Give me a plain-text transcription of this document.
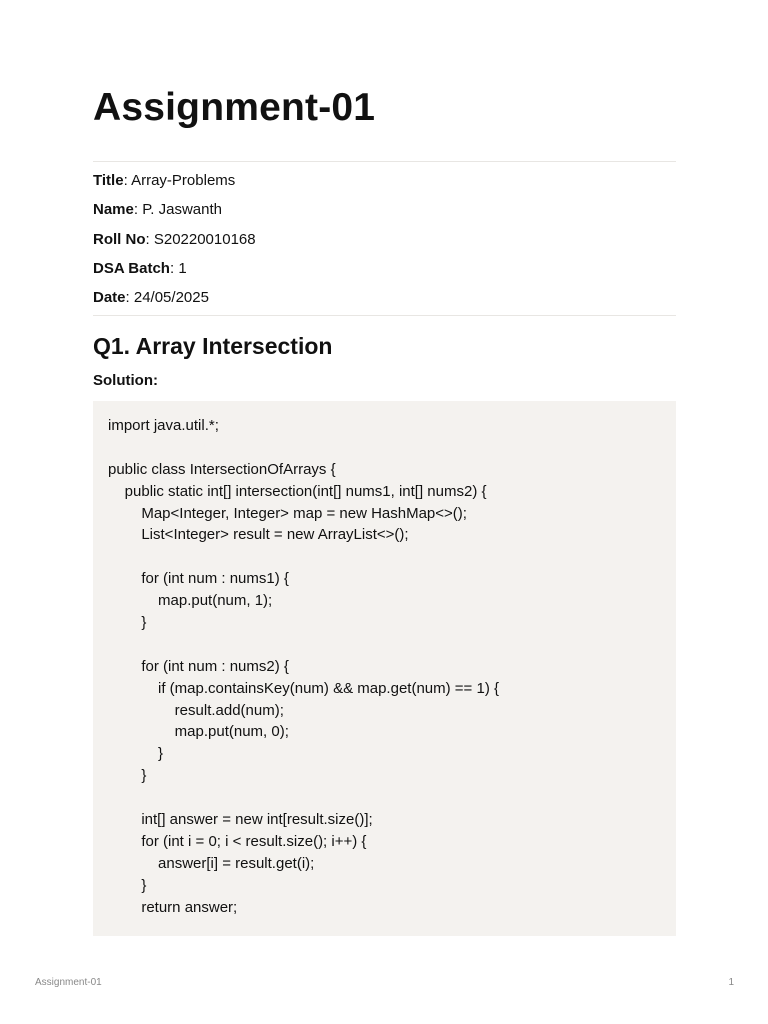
Assignment-01
Title: Array-Problems
Name: P. Jaswanth
Roll No: S20220010168
DSA Batch: 1
Date: 24/05/2025
Q1. Array Intersection
Solution:
import java.util.*;
public class IntersectionOfArrays {
public static int[] intersection(int[] nums1, int[] nums2) {
Map<Integer, Integer> map = new HashMap<>();
List<Integer> result = new ArrayList<>();
for (int num : nums1) {
map.put(num, 1);
}
for (int num : nums2) {
if (map.containsKey(num) && map.get(num) == 1) {
result.add(num);
map.put(num, 0);
}
}
int[] answer = new int[result.size()];
for (int i = 0; i < result.size(); i++) {
answer[i] = result.get(i);
}
return answer;
Assignment-01	1
